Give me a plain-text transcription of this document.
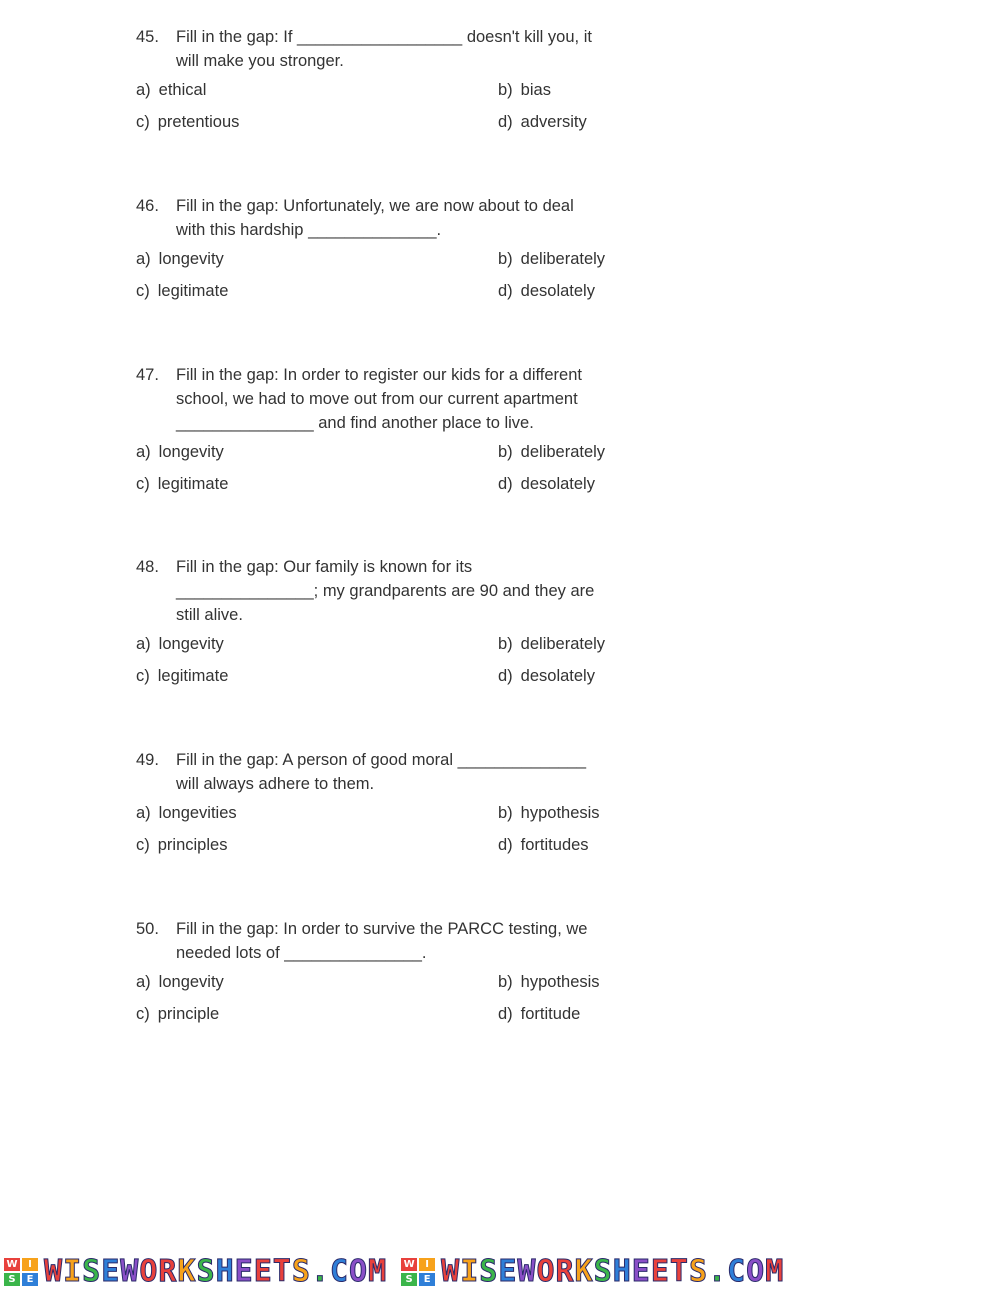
45.	Fill in the gap: If __________________ doesn't kill you, it will make you stronger.
a) ethical	b) bias
c) pretentious	d) adversity
46.	Fill in the gap: Unfortunately, we are now about to deal with this hardship ______________.
a) longevity	b) deliberately
c) legitimate	d) desolately
47.	Fill in the gap: In order to register our kids for a different school, we had to move out from our current apartment _______________ and find another place to live.
a) longevity	b) deliberately
c) legitimate	d) desolately
48.	Fill in the gap: Our family is known for its _______________; my grandparents are 90 and they are still alive.
a) longevity	b) deliberately
c) legitimate	d) desolately
49.	Fill in the gap: A person of good moral ______________ will always adhere to them.
a) longevities	b) hypothesis
c) principles	d) fortitudes
50.	Fill in the gap: In order to survive the PARCC testing, we needed lots of _______________.
a) longevity	b) hypothesis
c) principle	d) fortitude
W	I
S	E WISEWORKSHEETS.COM W	I
S	E WISEWORKSHEETS.COM
